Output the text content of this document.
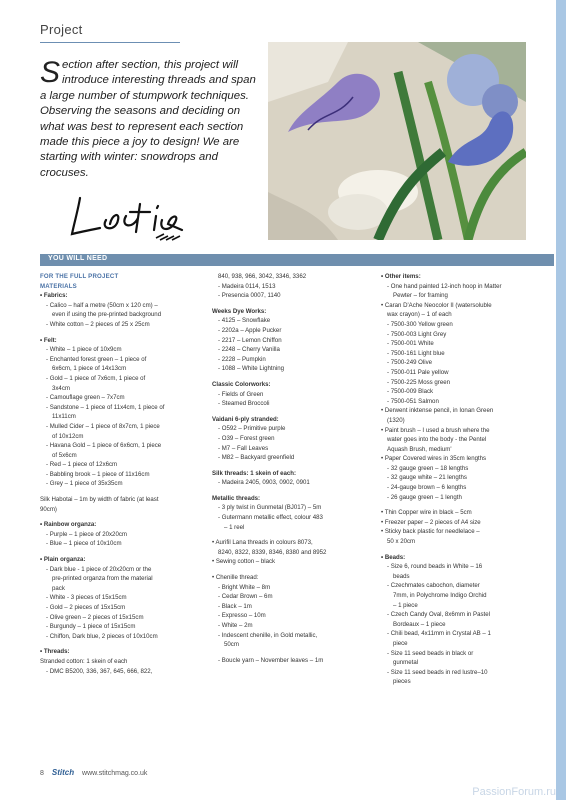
Project
Section after section, this project will introduce interesting threads and span a large number of stumpwork techniques. Observing the seasons and deciding on what was best to represent each section made this piece a joy to design! We are starting with winter: snowdrops and crocuses.
YOU WILL NEED

FOR THE FULL PROJECT

MATERIALS

• Fabrics:

- Calico – half a metre (50cm x 120 cm) –

even if using the pre-printed background

- White cotton – 2 pieces of 25 x 25cm

• Felt:

- White – 1 piece of 10x9cm

- Enchanted forest green – 1 piece of

6x6cm, 1 piece of 14x13cm

- Gold – 1 piece of 7x6cm, 1 piece of

3x4cm

- Camouflage green – 7x7cm

- Sandstone – 1 piece of 11x4cm, 1 piece of

11x11cm

- Mulled Cider – 1 piece of 8x7cm, 1 piece

of 10x12cm

- Havana Gold – 1 piece of 6x6cm, 1 piece

of 5x6cm

- Red – 1 piece of 12x6cm

- Babbling brook – 1 piece of 11x16cm

- Grey – 1 piece of 35x35cm

Silk Habotai – 1m by width of fabric (at least

90cm)

• Rainbow organza:

- Purple – 1 piece of 20x20cm

- Blue – 1 piece of 10x10cm

• Plain organza:

- Dark blue - 1 piece of 20x20cm or the

pre-printed organza from the material

pack

- White - 3 pieces of 15x15cm

- Gold – 2 pieces of 15x15cm

- Olive green – 2 pieces of 15x15cm

- Burgundy – 1 piece of 15x15cm

- Chiffon, Dark blue, 2 pieces of 10x10cm

• Threads:

Stranded cotton: 1 skein of each

- DMC B5200, 336, 367, 645, 666, 822,

840, 938, 966, 3042, 3346, 3362

- Madeira 0114, 1513

- Presencia 0007, 1140

Weeks Dye Works:

- 4125 – Snowflake

- 2202a – Apple Pucker

- 2217 – Lemon Chiffon

- 2248 – Cherry Vanilla

- 2228 – Pumpkin

- 1088 – White Lightning

Classic Colorworks:

- Fields of Green

- Steamed Broccoli

Vaidani 6-ply stranded:

- O592 – Primitive purple

- O39 – Forest green

- M7 – Fall Leaves

- M82 – Backyard greenfield

Silk threads: 1 skein of each:

- Madeira 2405, 0903, 0902, 0901

Metallic threads:

- 3 ply twist in Gunmetal (BJ017) – 5m

- Gutermann metallic effect, colour 483

– 1 reel

• Aurifil Lana threads in colours 8073,

8240, 8322, 8339, 8346, 8380 and 8952

• Sewing cotton – black

• Chenille thread:

- Bright White – 8m

- Cedar Brown – 6m

- Black – 1m

- Expresso – 10m

- White – 2m

- Indescent chenille, in Gold metallic,

50cm

- Boucle yarn – November leaves – 1m

• Other items:

- One hand painted 12-inch hoop in Matter

Pewter – for framing

• Caran D'Ache Neocolor II (watersoluble

wax crayon) – 1 of each

- 7500-300 Yellow green

- 7500-003 Light Grey

- 7500-001 White

- 7500-161 Light blue

- 7500-249 Olive

- 7500-011 Pale yellow

- 7500-225 Moss green

- 7500-009 Black

- 7500-051 Salmon

• Derwent inktense pencil, in Ionan Green

(1320)

• Paint brush – I used a brush where the

water goes into the body - the Pentel

Aquash Brush, medium'

• Paper Covered wires in 35cm lengths

- 32 gauge green – 18 lengths

- 32 gauge white – 21 lengths

- 24-gauge brown – 6 lengths

- 26 gauge green – 1 length

• Thin Copper wire in black – 5cm

• Freezer paper – 2 pieces of A4 size

• Sticky back plastic for needlelace –

50 x 20cm

• Beads:

- Size 6, round beads in White – 16

beads

- Czechmates cabochon, diameter

7mm, in Polychrome Indigo Orchid

– 1 piece

- Czech Candy Oval, 8x6mm in Pastel

Bordeaux – 1 piece

- Chili bead, 4x11mm in Crystal AB – 1

piece

- Size 11 seed beads in black or

gunmetal

- Size 11 seed beads in red lustre–10

pieces

8 Stitch www.stitchmag.co.uk
PassionForum.ru
